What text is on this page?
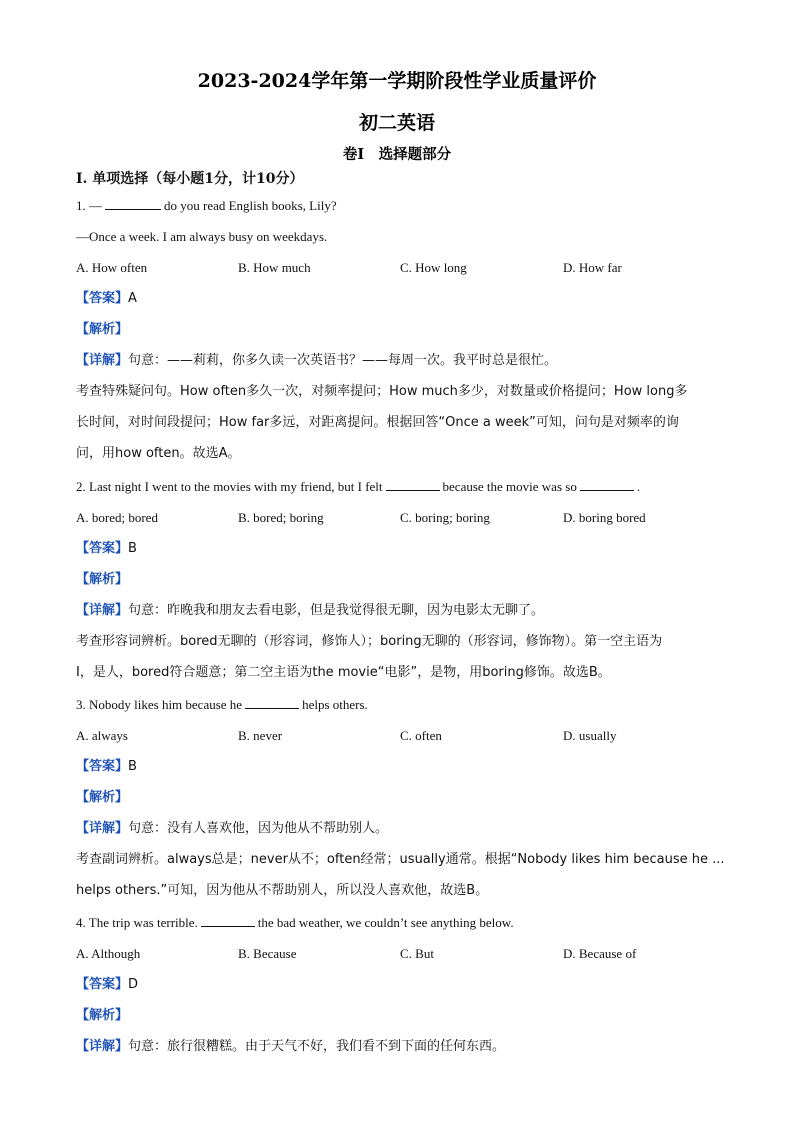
2023-2024学年第一学期阶段性学业质量评价
初二英语
卷Ⅰ　选择题部分
Ⅰ. 单项选择（每小题1分，计10分）
1. —	do you read English books, Lily?
—Once a week. I am always busy on weekdays.
A. How often	B. How much	C. How long	D. How far
【答案】A
【解析】
【详解】句意：——莉莉，你多久读一次英语书？——每周一次。我平时总是很忙。
考查特殊疑问句。How often多久一次，对频率提问；How much多少，对数量或价格提问；How long多
长时间，对时间段提问；How far多远，对距离提问。根据回答“Once a week”可知，问句是对频率的询
问，用how often。故选A。
2. Last night I went to the movies with my friend, but I felt	because the movie was so	.
A. bored; bored	B. bored; boring	C. boring; boring	D. boring bored
【答案】B
【解析】
【详解】句意：昨晚我和朋友去看电影，但是我觉得很无聊，因为电影太无聊了。
考查形容词辨析。bored无聊的（形容词，修饰人）；boring无聊的（形容词，修饰物）。第一空主语为
I，是人，bored符合题意；第二空主语为the movie“电影”，是物，用boring修饰。故选B。
3. Nobody likes him because he	helps others.
A. always	B. never	C. often	D. usually
【答案】B
【解析】
【详解】句意：没有人喜欢他，因为他从不帮助别人。
考查副词辨析。always总是；never从不；often经常；usually通常。根据“Nobody likes him because he ...
helps others.”可知，因为他从不帮助别人，所以没人喜欢他，故选B。
4. The trip was terrible.	the bad weather, we couldn’t see anything below.
A. Although	B. Because	C. But	D. Because of
【答案】D
【解析】
【详解】句意：旅行很糟糕。由于天气不好，我们看不到下面的任何东西。
